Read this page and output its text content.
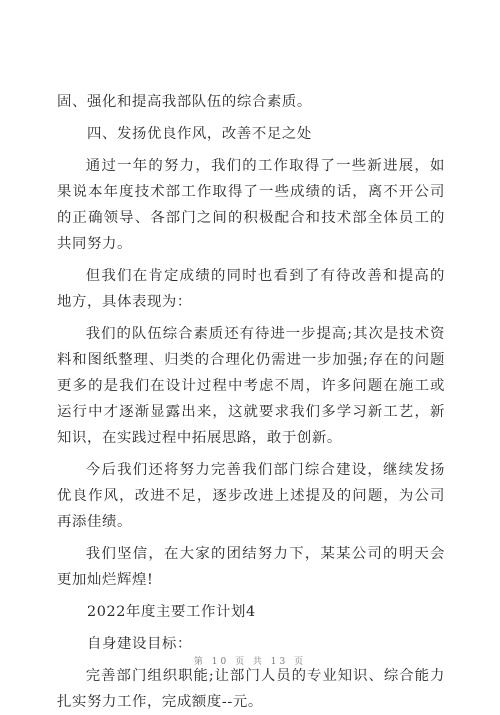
固、强化和提高我部队伍的综合素质。

四、发扬优良作风，改善不足之处

通过一年的努力，我们的工作取得了一些新进展，如果说本年度技术部工作取得了一些成绩的话，离不开公司的正确领导、各部门之间的积极配合和技术部全体员工的共同努力。

但我们在肯定成绩的同时也看到了有待改善和提高的地方，具体表现为：

我们的队伍综合素质还有待进一步提高;其次是技术资料和图纸整理、归类的合理化仍需进一步加强;存在的问题更多的是我们在设计过程中考虑不周，许多问题在施工或运行中才逐渐显露出来，这就要求我们多学习新工艺，新知识，在实践过程中拓展思路，敢于创新。

今后我们还将努力完善我们部门综合建设，继续发扬优良作风，改进不足，逐步改进上述提及的问题，为公司再添佳绩。

我们坚信，在大家的团结努力下，某某公司的明天会更加灿烂辉煌!

2022年度主要工作计划4

自身建设目标：

完善部门组织职能;让部门人员的专业知识、综合能力扎实努力工作，完成额度--元。

第 10 页 共 13 页
